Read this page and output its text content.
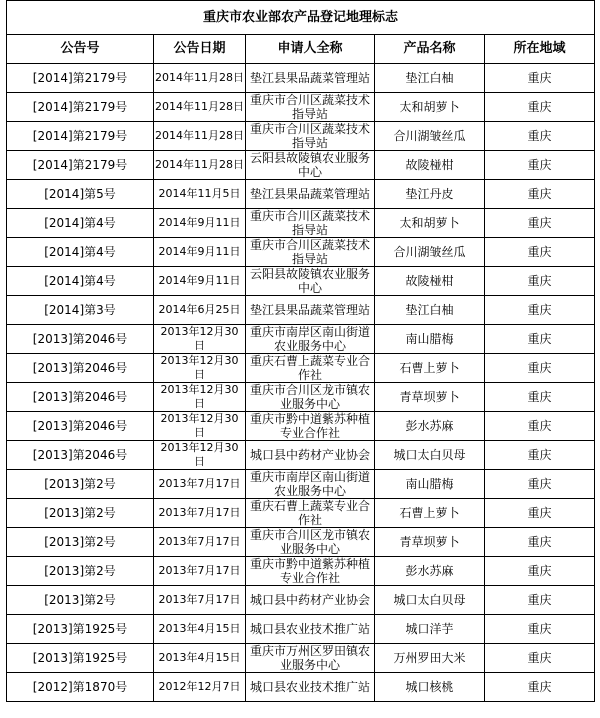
重庆市农业部农产品登记地理标志				
公告号	公告日期	申请人全称	产品名称	所在地域
[2014]第2179号	2014年11月28日	垫江县果品蔬菜管理站	垫江白柚	重庆
[2014]第2179号	2014年11月28日	重庆市合川区蔬菜技术指导站	太和胡萝卜	重庆
[2014]第2179号	2014年11月28日	重庆市合川区蔬菜技术指导站	合川湖皱丝瓜	重庆
[2014]第2179号	2014年11月28日	云阳县故陵镇农业服务中心	故陵椪柑	重庆
[2014]第5号	2014年11月5日	垫江县果品蔬菜管理站	垫江丹皮	重庆
[2014]第4号	2014年9月11日	重庆市合川区蔬菜技术指导站	太和胡萝卜	重庆
[2014]第4号	2014年9月11日	重庆市合川区蔬菜技术指导站	合川湖皱丝瓜	重庆
[2014]第4号	2014年9月11日	云阳县故陵镇农业服务中心	故陵椪柑	重庆
[2014]第3号	2014年6月25日	垫江县果品蔬菜管理站	垫江白柚	重庆
[2013]第2046号	2013年12月30 日	重庆市南岸区南山街道农业服务中心	南山腊梅	重庆
[2013]第2046号	2013年12月30 日	重庆石曹上蔬菜专业合作社	石曹上萝卜	重庆
[2013]第2046号	2013年12月30 日	重庆市合川区龙市镇农业服务中心	青草坝萝卜	重庆
[2013]第2046号	2013年12月30 日	重庆市黔中道紫苏种植专业合作社	彭水苏麻	重庆
[2013]第2046号	2013年12月30 日	城口县中药材产业协会	城口太白贝母	重庆
[2013]第2号	2013年7月17日	重庆市南岸区南山街道农业服务中心	南山腊梅	重庆
[2013]第2号	2013年7月17日	重庆石曹上蔬菜专业合作社	石曹上萝卜	重庆
[2013]第2号	2013年7月17日	重庆市合川区龙市镇农业服务中心	青草坝萝卜	重庆
[2013]第2号	2013年7月17日	重庆市黔中道紫苏种植专业合作社	彭水苏麻	重庆
[2013]第2号	2013年7月17日	城口县中药材产业协会	城口太白贝母	重庆
[2013]第1925号	2013年4月15日	城口县农业技术推广站	城口洋芋	重庆
[2013]第1925号	2013年4月15日	重庆市万州区罗田镇农业服务中心	万州罗田大米	重庆
[2012]第1870号	2012年12月7日	城口县农业技术推广站	城口核桃	重庆
